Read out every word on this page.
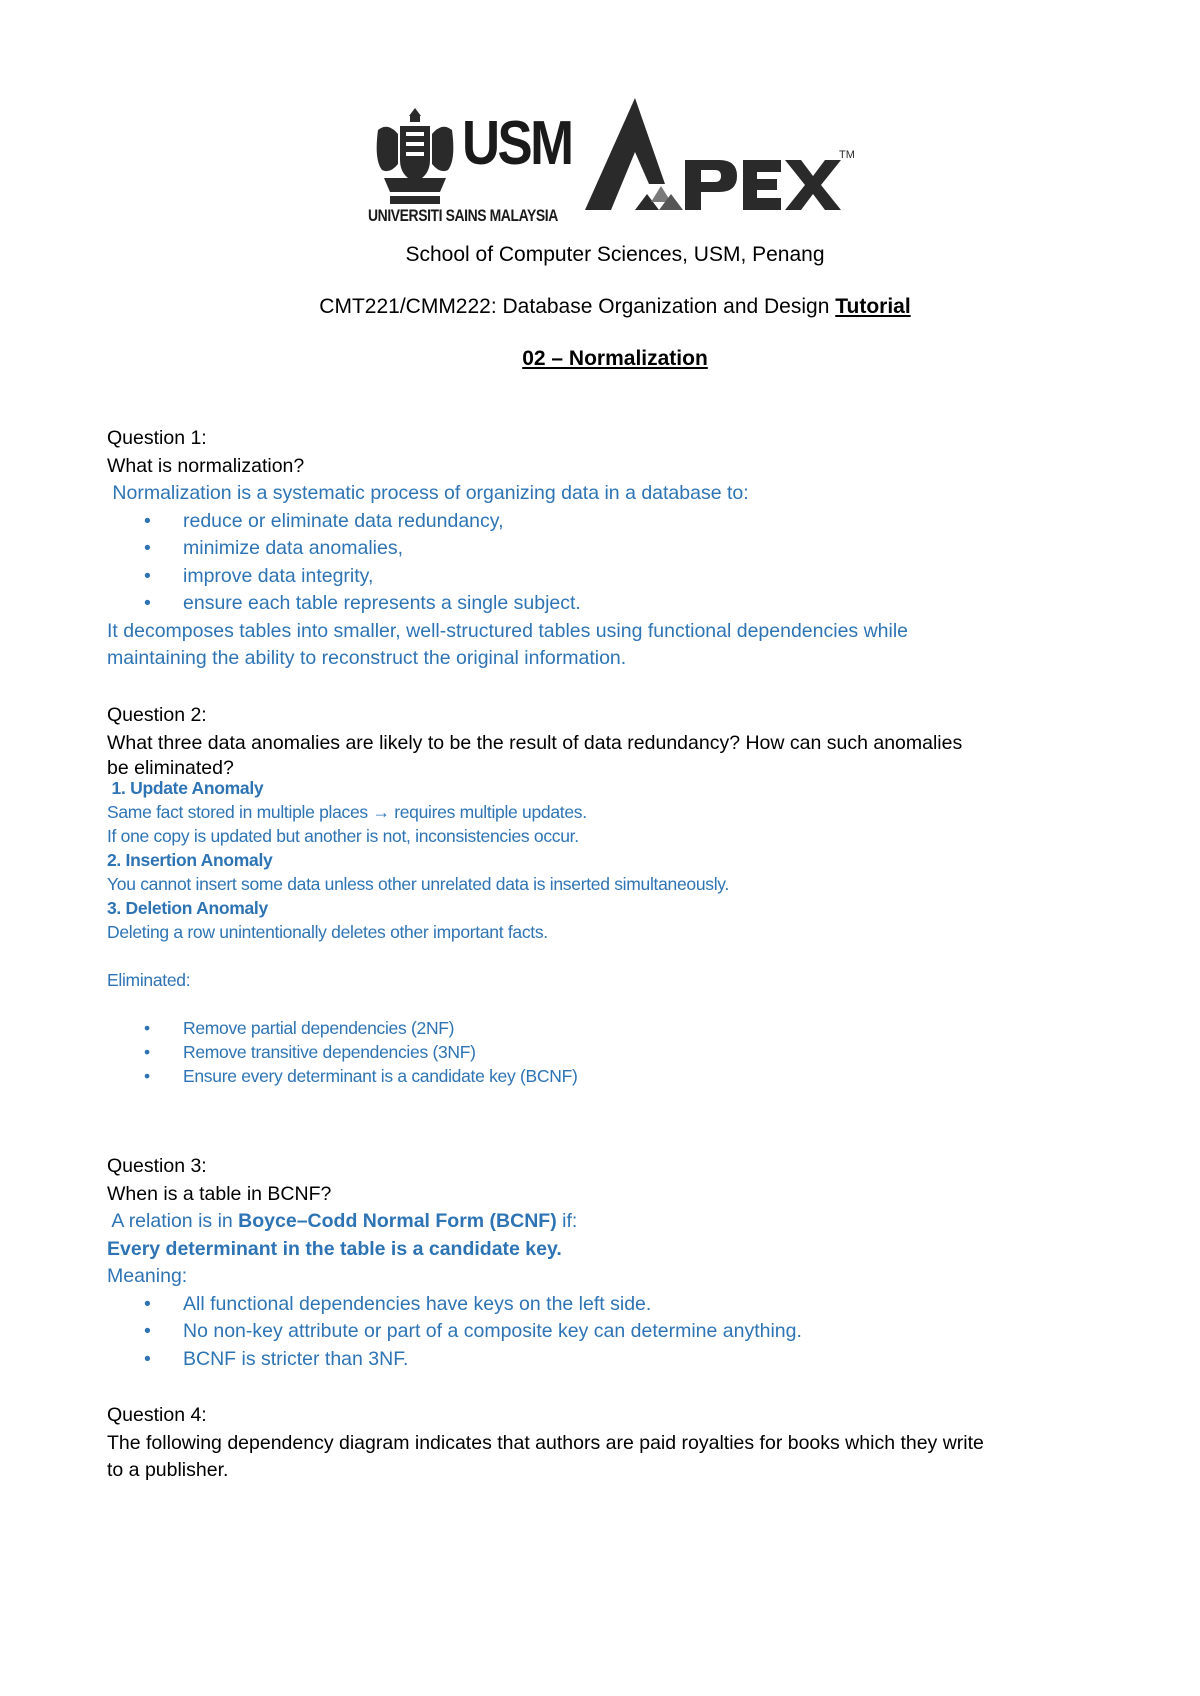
USM
UNIVERSITI SAINS MALAYSIA
TM
School of Computer Sciences, USM, Penang
CMT221/CMM222: Database Organization and Design Tutorial
02 – Normalization
Question 1:
What is normalization?
Normalization is a systematic process of organizing data in a database to:
• reduce or eliminate data redundancy,
• minimize data anomalies,
• improve data integrity,
• ensure each table represents a single subject.
It decomposes tables into smaller, well-structured tables using functional dependencies while
maintaining the ability to reconstruct the original information.
Question 2:
What three data anomalies are likely to be the result of data redundancy? How can such anomalies
be eliminated?
1. Update Anomaly
Same fact stored in multiple places → requires multiple updates.
If one copy is updated but another is not, inconsistencies occur.
2. Insertion Anomaly
You cannot insert some data unless other unrelated data is inserted simultaneously.
3. Deletion Anomaly
Deleting a row unintentionally deletes other important facts.
Eliminated:
• Remove partial dependencies (2NF)
• Remove transitive dependencies (3NF)
• Ensure every determinant is a candidate key (BCNF)
Question 3:
When is a table in BCNF?
A relation is in Boyce–Codd Normal Form (BCNF) if:
Every determinant in the table is a candidate key.
Meaning:
• All functional dependencies have keys on the left side.
• No non-key attribute or part of a composite key can determine anything.
• BCNF is stricter than 3NF.
Question 4:
The following dependency diagram indicates that authors are paid royalties for books which they write
to a publisher.
